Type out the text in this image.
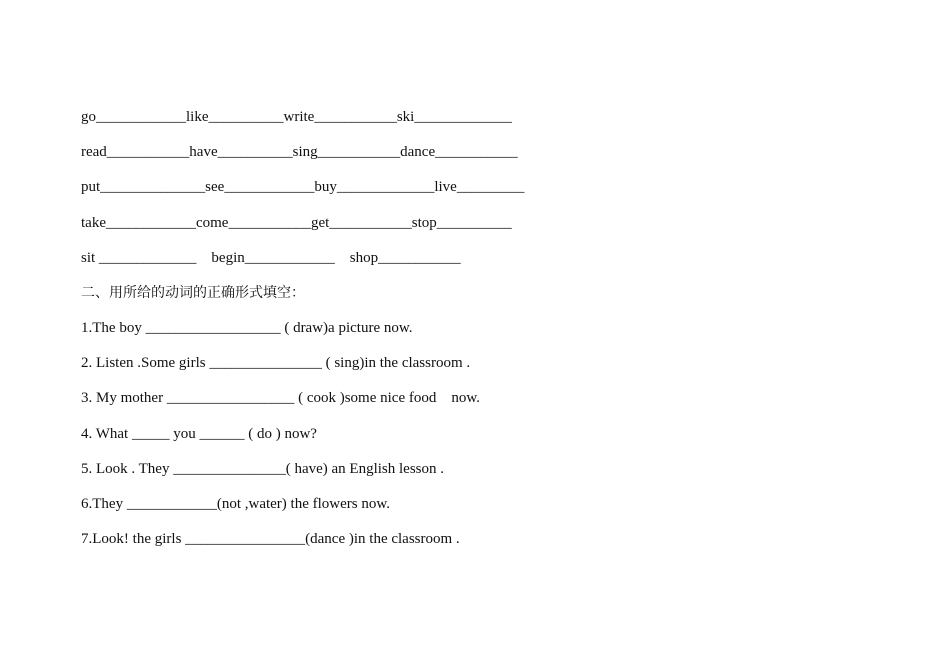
go____________like__________write___________ski_____________

read___________have__________sing___________dance___________

put______________see____________buy_____________live_________

take____________come___________get___________stop__________

sit _____________    begin____________    shop___________

二、用所给的动词的正确形式填空：

1.The boy __________________ ( draw)a picture now.

2. Listen .Some girls _______________ ( sing)in the classroom .

3. My mother _________________ ( cook )some nice food    now.

4. What _____ you ______ ( do ) now?

5. Look . They _______________( have) an English lesson .

6.They ____________(not ,water) the flowers now.

7.Look! the girls ________________(dance )in the classroom .
